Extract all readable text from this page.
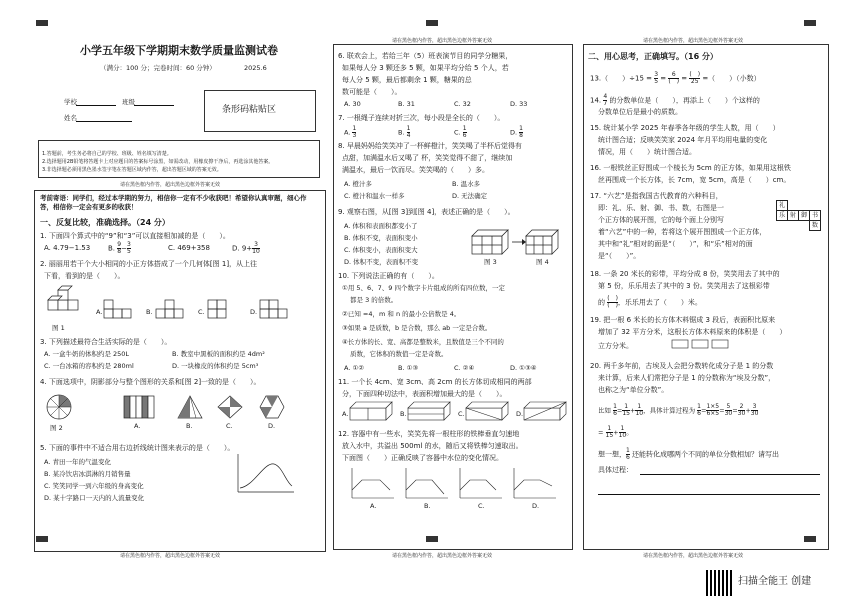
请在黑色框内作答，超出黑色边框外答案无效	请在黑色框内作答，超出黑色边框外答案无效
请在黑色框内作答，超出黑色边框外答案无效	请在黑色框内作答，超出黑色边框外答案无效
请在黑色框内作答，超出黑色边框外答案无效
小学五年级下学期期末数学质量监测试卷
（满分：100 分；完卷时间：60 分钟）	2025.6
学校	班级
姓名
条形码粘贴区
1.答题前，考生务必将自己的学校、班级、姓名填写清楚。
2.选择题用2B铅笔将答题卡上对应题目的答案标号涂黑，如需改动，用橡皮擦干净后，再选涂其他答案。
3.非选择题必须用黑色墨水签字笔在答题区域内作答，超出答题区域的答案无效。
请在黑色框内作答，超出黑色边框外答案无效
考前寄语：同学们，经过本学期的努力，相信你一定有不少收获吧！希望你认真审题，细心作答，相信你一定会有更多的收获！
一、反复比较，准确选择。（24 分）
1. 下面四个算式中的“9”和“3”可以直接相加减的是（　　）。
A. 4.79−1.53	B. $\frac{9}{8} - \frac{3}{5}$	C. 469+358	D. $9+ \frac{3}{10}$
2. 丽丽用若干个大小相同的小正方体搭成了一个几何体[图 1]，从上往
下看，看到的是（　　）。
图 1
A.	B.	C.	D.
3. 下列描述最符合生活实际的是（　　）。
A. 一盒牛奶的体积约是 250L	B. 教室中黑板的面积约是 4dm²
C. 一台冰箱的容积约是 280ml	D. 一块橡皮的体积约是 5cm³
4. 下面选项中，阴影部分与整个图形的关系和[图 2]一致的是（　　）。
图 2	A.	B.	C.	D.
5. 下面的事件中不适合用右边折线统计图来表示的是（　　）。
A. 青田一年的气温变化
B. 某冷饮店冰淇淋的月销售量
C. 笑笑同学一到六年级的身高变化
D. 某十字路口一天内的人流量变化
6. 联欢会上，若给三年（5）班表演节目的同学分糖果，
如果每人分 3 颗还多 5 颗，如果平均分给 5 个人，若
每人分 5 颗，最后都剩余 1 颗，糖果的总
数可能是（　　）。
A. 30	B. 31	C. 32	D. 33
7. 一根绳子连续对折三次，每小段是全长的（　　）。
A. $\frac{1}{3}$	B. $\frac{1}{4}$	C. $\frac{1}{6}$	D. $\frac{1}{8}$
8. 早晨妈妈给笑笑冲了一杯鲜橙汁，笑笑喝了半杯后觉得有
点甜，加满温水后又喝了 杯，笑笑觉得不甜了，继续加
满温水，最后一饮而尽。笑笑喝的（　　）多。
A. 橙汁多	B. 温水多
C. 橙汁和温水一样多	D. 无法确定
9. 观察右图，从[图 3]到[图 4]，表述正确的是（　　）。
A. 体积和表面积都变小了
B. 体积不变，表面积变小
C. 体积变小，表面积变大
D. 体积不变，表面积不变	图 3	图 4
10. 下列说法正确的有（　　）。
①用 5、6、7、9 四个数字卡片组成的所有四位数，一定
都是 3 的倍数。
②已知 =4，m 和 n 的最小公倍数是 4。
③如果 a 是质数，b 是合数，那么 ab 一定是合数。
④长方体的长、宽、高都是整数米，且数值是三个不同的
质数，它体积的数值一定是奇数。
A. ①②	B. ①③	C. ②④	D. ①③④
11. 一个长 4cm、宽 3cm、高 2cm 的长方体切成相同的两部
分，下面四种切法中，表面积增加最大的是（　　）。
A.	B.	C.	D.
12. 容器中有一些水，笑笑先将一根柱形的铁棒垂直匀速地
放入水中，共溢出 500ml 的水，随后又将铁棒匀速取出。
下面图（　　）正确反映了容器中水位的变化情况。
A.	B.	C.	D.
二、用心思考，正确填写。（16 分）
13.（　　）$\div 15 = \frac{3}{5} = \frac{6}{( )} = \frac{( )}{25}$ =（　　）（小数）
14. $\frac{4}{7}$ 的分数单位是（　　），再添上（　　）个这样的
分数单位后是最小的质数。
15. 统计某小学 2025 年春季各年级的学生人数，用（　　）
统计图合适；反映笑笑家 2024 年月平均用电量的变化
情况，用（　　）统计图合适。
16. 一根铁丝正好围成一个棱长为 5cm 的正方体，如果用这根铁
丝再围成一个长方体，长 7cm，宽 5cm，高是（　　）cm。
17. “六艺”是指我国古代教育的六种科目，
即：礼、乐、射、御、书、数，右图是一
个正方体的展开图，它的每个面上分别写
着“六艺”中的一种，若将这个展开图围成一个正方体，
其中和“礼”相对的面是“（　　）”，和“乐”相对的面
是“（　　）”。
礼
乐 射 御 书
数
18. 一条 20 米长的彩带，平均分成 8 份，笑笑用去了其中的
第 5 份，乐乐用去了其中的 3 份。笑笑用去了这根彩带
的 $\frac{( )}{( )}$ ，乐乐用去了（　　）米。
19. 把一根 6 米长的长方体木料锯成 3 段后，表面积比原来
增加了 32 平方分米，这根长方体木料原来的体积是（　　）
立方分米。
20. 两千多年前，古埃及人会把分数转化成分子是 1 的分数
来计算，后来人们常把分子是 1 的分数称为“埃及分数”，
也称之为“单位分数”。
比如 $\frac{1}{6} = \frac{1}{15} + \frac{1}{10}$ ，具体计算过程为 $\frac{1}{6} = \frac{1\times 5}{6\times 5} = \frac{5}{30} = \frac{2}{30} + \frac{3}{30}$
= $\frac{1}{15} + \frac{1}{10}$ 。
想一想， $\frac{1}{6}$ 还能转化成哪两个不同的单位分数相加？请写出
具体过程：
扫描全能王 创建
